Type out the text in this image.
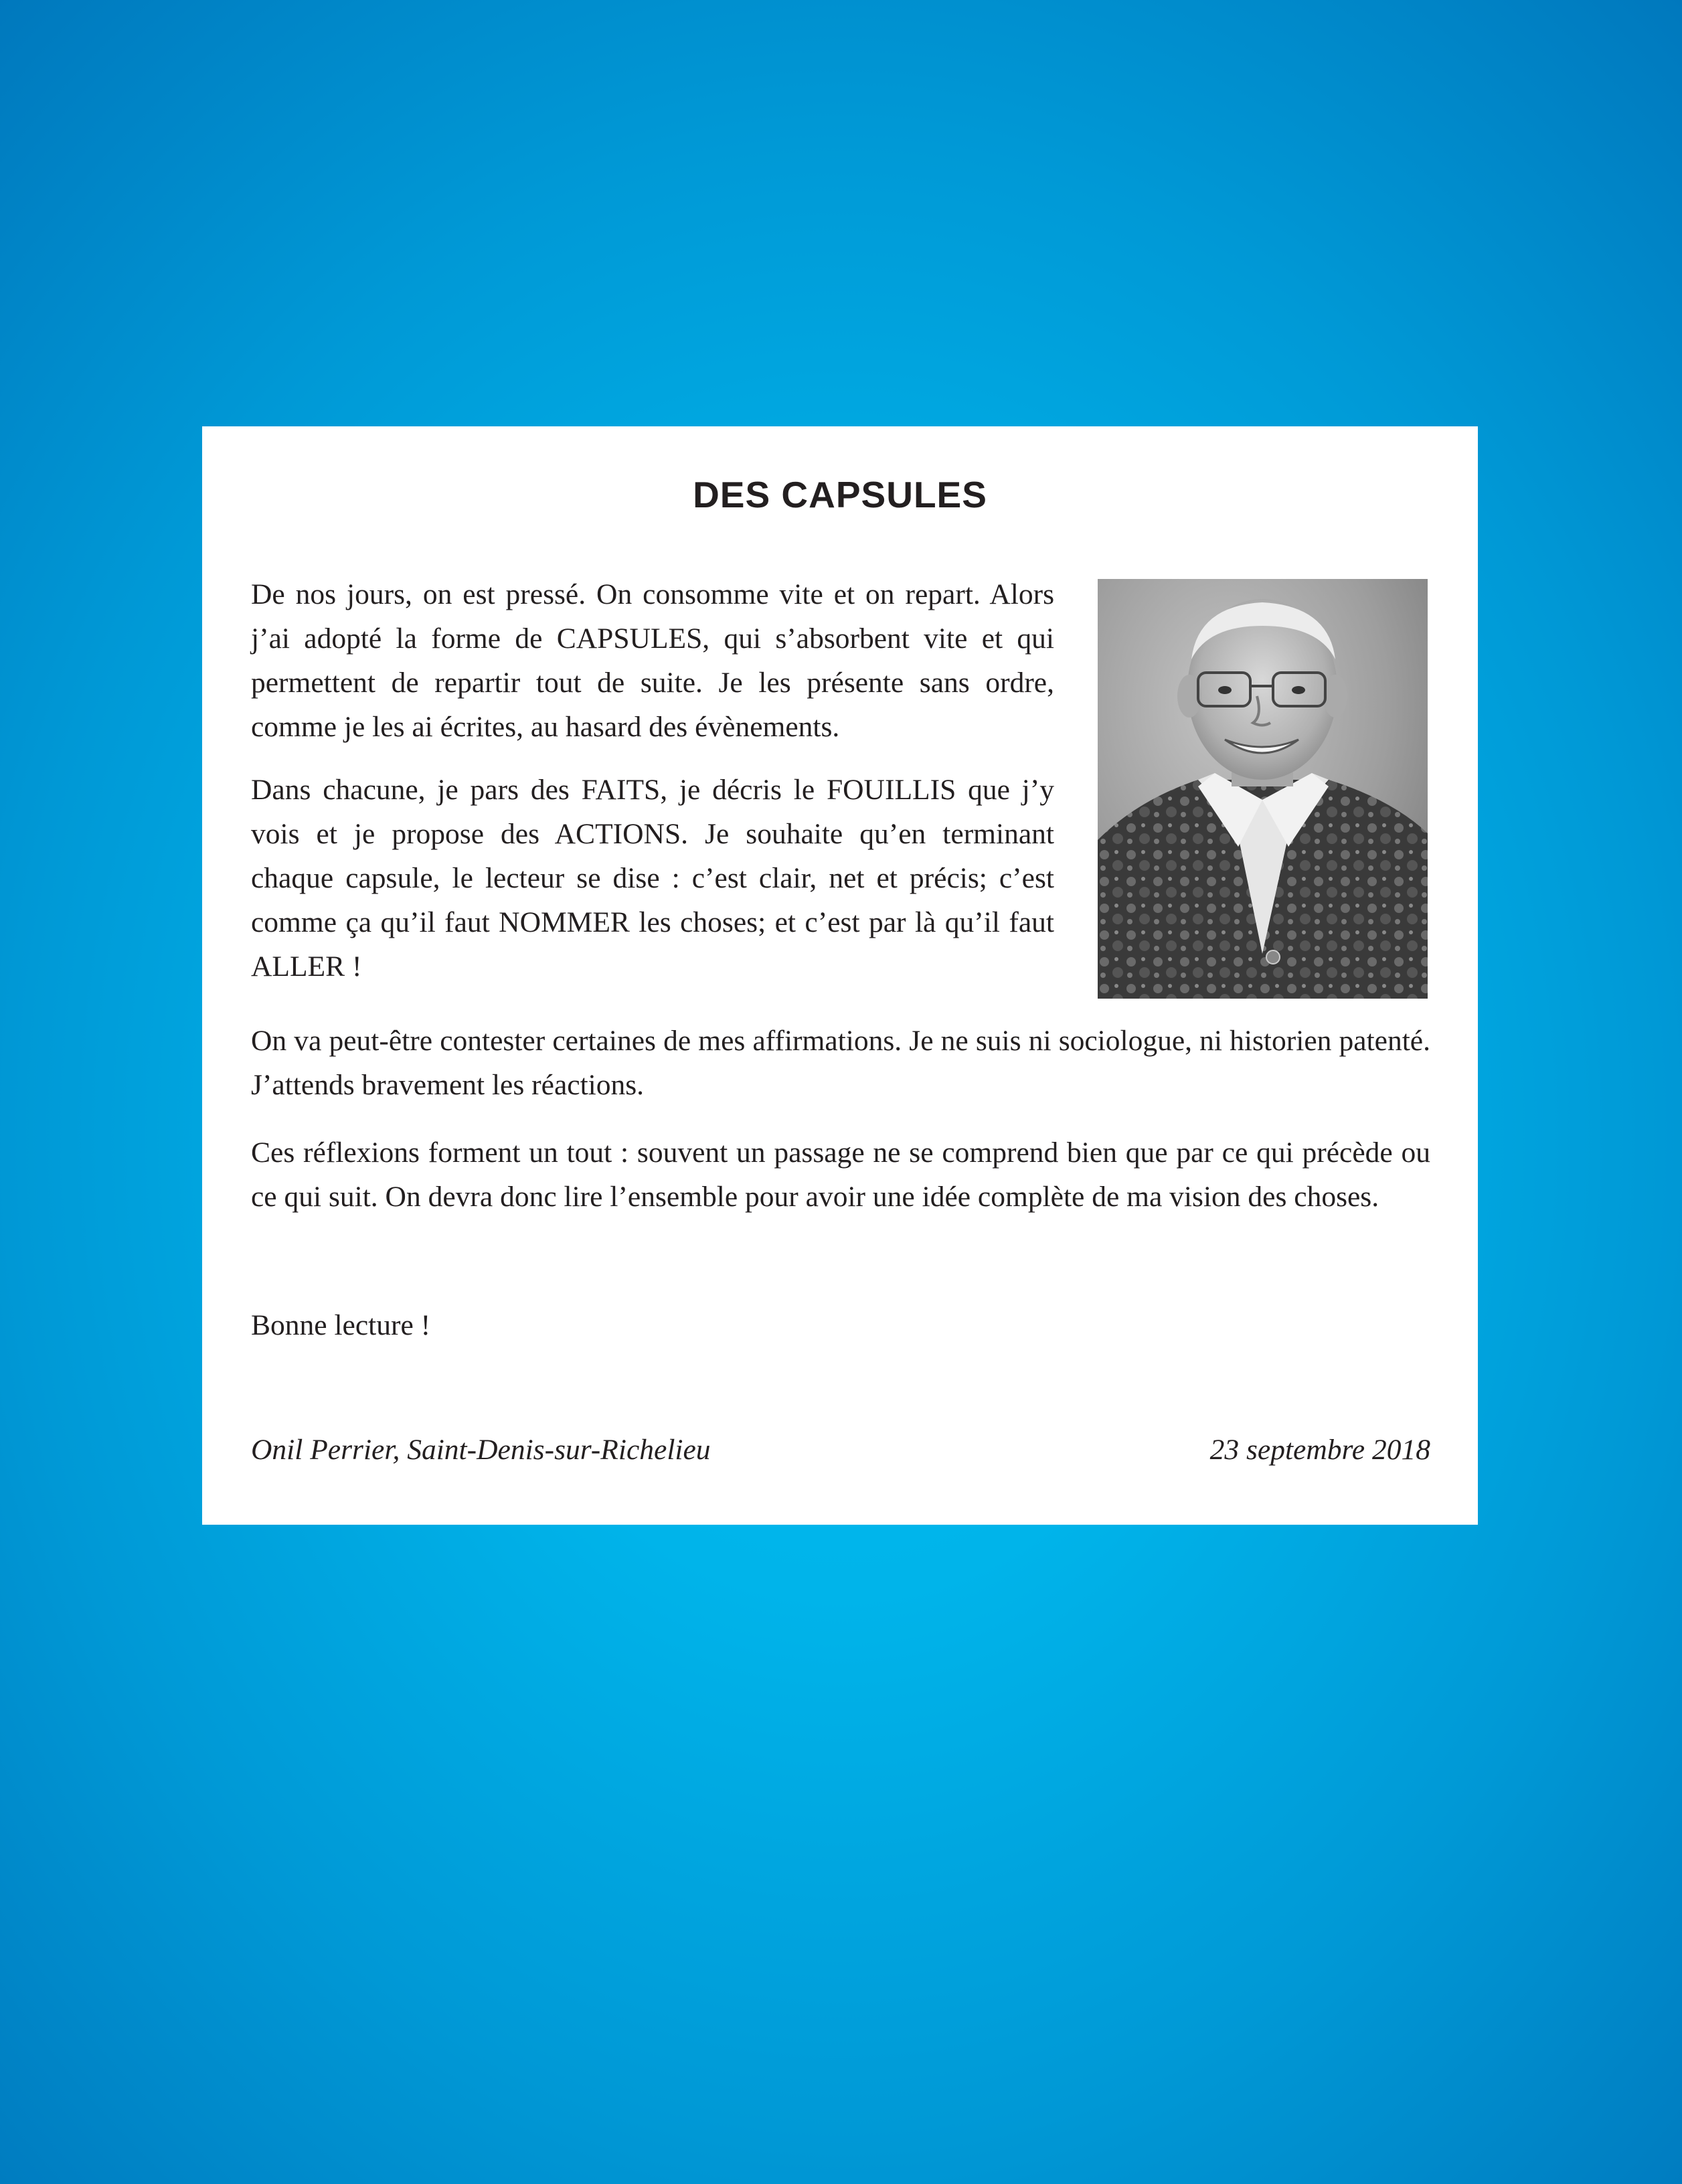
DES CAPSULES

De nos jours, on est pressé. On consomme vite et on repart. Alors j’ai adopté la forme de CAPSULES, qui s’absorbent vite et qui permettent de repartir tout de suite. Je les présente sans ordre, comme je les ai écrites, au hasard des évènements.

Dans chacune, je pars des FAITS, je décris le FOUILLIS que j’y vois et je propose des ACTIONS. Je souhaite qu’en terminant chaque capsule, le lecteur se dise : c’est clair, net et précis; c’est comme ça qu’il faut NOMMER les choses; et c’est par là qu’il faut ALLER !

On va peut-être contester certaines de mes affirmations. Je ne suis ni sociologue, ni historien patenté. J’attends bravement les réactions.

Ces réflexions forment un tout : souvent un passage ne se comprend bien que par ce qui précède ou ce qui suit. On devra donc lire l’ensemble pour avoir une idée complète de ma vision des choses.

Bonne lecture !

Onil Perrier, Saint-Denis-sur-Richelieu	23 septembre 2018
